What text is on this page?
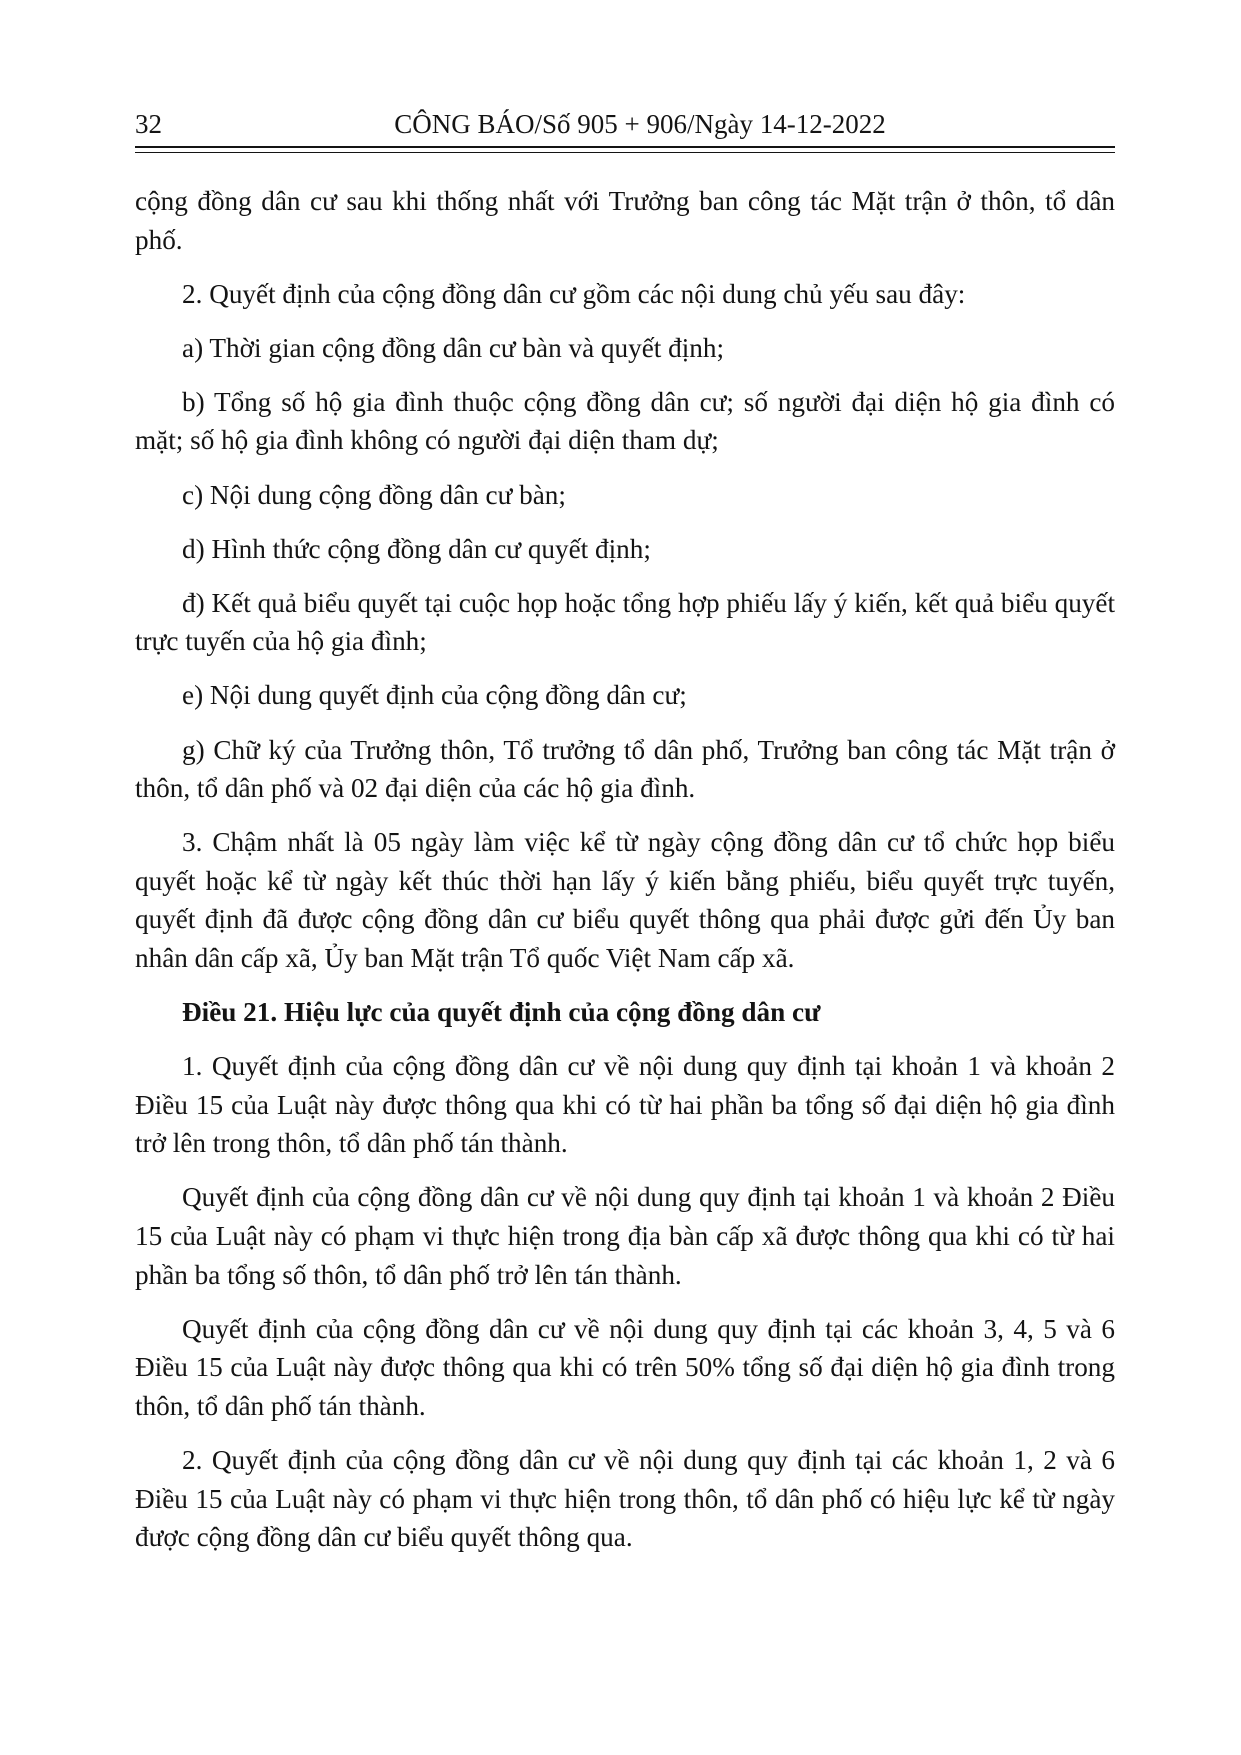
32	CÔNG BÁO/Số 905 + 906/Ngày 14-12-2022

cộng đồng dân cư sau khi thống nhất với Trưởng ban công tác Mặt trận ở thôn, tổ dân phố.

2. Quyết định của cộng đồng dân cư gồm các nội dung chủ yếu sau đây:

a) Thời gian cộng đồng dân cư bàn và quyết định;

b) Tổng số hộ gia đình thuộc cộng đồng dân cư; số người đại diện hộ gia đình có mặt; số hộ gia đình không có người đại diện tham dự;

c) Nội dung cộng đồng dân cư bàn;

d) Hình thức cộng đồng dân cư quyết định;

đ) Kết quả biểu quyết tại cuộc họp hoặc tổng hợp phiếu lấy ý kiến, kết quả biểu quyết trực tuyến của hộ gia đình;

e) Nội dung quyết định của cộng đồng dân cư;

g) Chữ ký của Trưởng thôn, Tổ trưởng tổ dân phố, Trưởng ban công tác Mặt trận ở thôn, tổ dân phố và 02 đại diện của các hộ gia đình.

3. Chậm nhất là 05 ngày làm việc kể từ ngày cộng đồng dân cư tổ chức họp biểu quyết hoặc kể từ ngày kết thúc thời hạn lấy ý kiến bằng phiếu, biểu quyết trực tuyến, quyết định đã được cộng đồng dân cư biểu quyết thông qua phải được gửi đến Ủy ban nhân dân cấp xã, Ủy ban Mặt trận Tổ quốc Việt Nam cấp xã.

Điều 21. Hiệu lực của quyết định của cộng đồng dân cư

1. Quyết định của cộng đồng dân cư về nội dung quy định tại khoản 1 và khoản 2 Điều 15 của Luật này được thông qua khi có từ hai phần ba tổng số đại diện hộ gia đình trở lên trong thôn, tổ dân phố tán thành.

Quyết định của cộng đồng dân cư về nội dung quy định tại khoản 1 và khoản 2 Điều 15 của Luật này có phạm vi thực hiện trong địa bàn cấp xã được thông qua khi có từ hai phần ba tổng số thôn, tổ dân phố trở lên tán thành.

Quyết định của cộng đồng dân cư về nội dung quy định tại các khoản 3, 4, 5 và 6 Điều 15 của Luật này được thông qua khi có trên 50% tổng số đại diện hộ gia đình trong thôn, tổ dân phố tán thành.

2. Quyết định của cộng đồng dân cư về nội dung quy định tại các khoản 1, 2 và 6 Điều 15 của Luật này có phạm vi thực hiện trong thôn, tổ dân phố có hiệu lực kể từ ngày được cộng đồng dân cư biểu quyết thông qua.
